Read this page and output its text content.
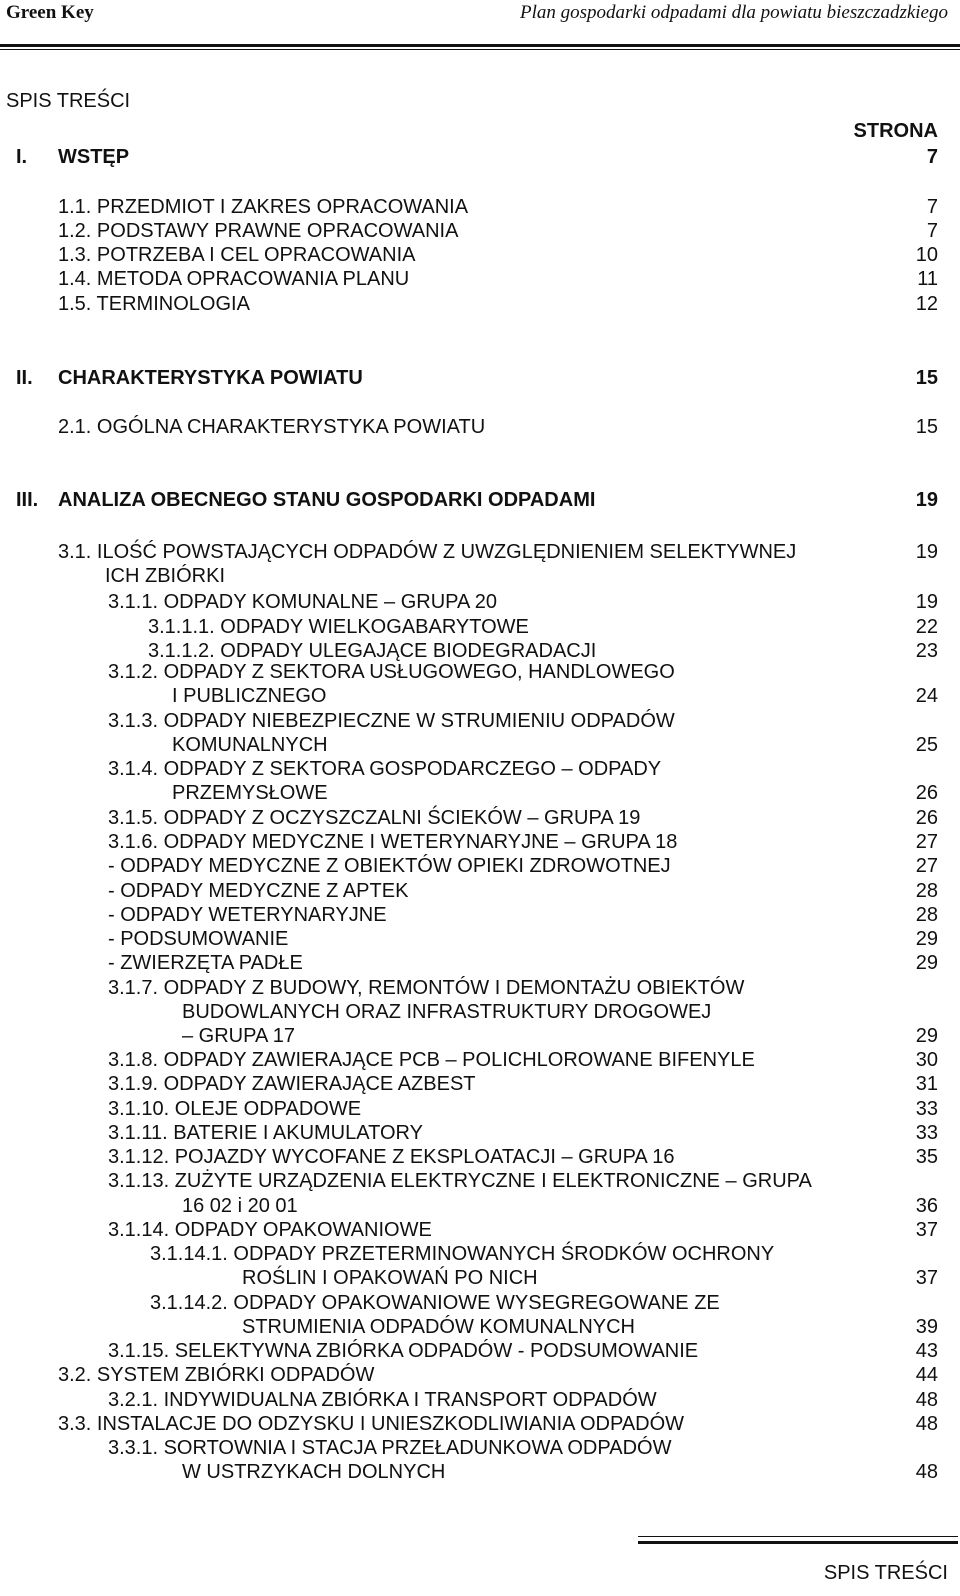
Green Key	Plan gospodarki odpadami dla powiatu bieszczadzkiego
SPIS TREŚCI
STRONA
I. WSTĘP	7
1.1. PRZEDMIOT I ZAKRES OPRACOWANIA	7
1.2. PODSTAWY PRAWNE OPRACOWANIA	7
1.3. POTRZEBA I CEL OPRACOWANIA	10
1.4. METODA OPRACOWANIA PLANU	11
1.5. TERMINOLOGIA	12
II. CHARAKTERYSTYKA POWIATU	15
2.1. OGÓLNA CHARAKTERYSTYKA POWIATU	15
III. ANALIZA OBECNEGO STANU GOSPODARKI ODPADAMI	19
3.1. ILOŚĆ POWSTAJĄCYCH ODPADÓW Z UWZGLĘDNIENIEM SELEKTYWNEJ	19
ICH ZBIÓRKI
3.1.1. ODPADY KOMUNALNE – GRUPA 20	19
3.1.1.1. ODPADY WIELKOGABARYTOWE	22
3.1.1.2. ODPADY ULEGAJĄCE BIODEGRADACJI	23
3.1.2. ODPADY Z SEKTORA USŁUGOWEGO, HANDLOWEGO
I PUBLICZNEGO	24
3.1.3. ODPADY NIEBEZPIECZNE W STRUMIENIU ODPADÓW
KOMUNALNYCH	25
3.1.4. ODPADY Z SEKTORA GOSPODARCZEGO – ODPADY
PRZEMYSŁOWE	26
3.1.5. ODPADY Z OCZYSZCZALNI ŚCIEKÓW – GRUPA 19	26
3.1.6. ODPADY MEDYCZNE I WETERYNARYJNE – GRUPA 18	27
- ODPADY MEDYCZNE Z OBIEKTÓW OPIEKI ZDROWOTNEJ	27
- ODPADY MEDYCZNE Z APTEK	28
- ODPADY WETERYNARYJNE	28
- PODSUMOWANIE	29
- ZWIERZĘTA PADŁE	29
3.1.7. ODPADY Z BUDOWY, REMONTÓW I DEMONTAŻU OBIEKTÓW
BUDOWLANYCH ORAZ INFRASTRUKTURY DROGOWEJ
– GRUPA 17	29
3.1.8. ODPADY ZAWIERAJĄCE PCB – POLICHLOROWANE BIFENYLE	30
3.1.9. ODPADY ZAWIERAJĄCE AZBEST	31
3.1.10. OLEJE ODPADOWE	33
3.1.11. BATERIE I AKUMULATORY	33
3.1.12. POJAZDY WYCOFANE Z EKSPLOATACJI – GRUPA 16	35
3.1.13. ZUŻYTE URZĄDZENIA ELEKTRYCZNE I ELEKTRONICZNE – GRUPA
16 02 i 20 01	36
3.1.14. ODPADY OPAKOWANIOWE	37
3.1.14.1. ODPADY PRZETERMINOWANYCH ŚRODKÓW OCHRONY
ROŚLIN I OPAKOWAŃ PO NICH	37
3.1.14.2. ODPADY OPAKOWANIOWE WYSEGREGOWANE ZE
STRUMIENIA ODPADÓW KOMUNALNYCH	39
3.1.15. SELEKTYWNA ZBIÓRKA ODPADÓW - PODSUMOWANIE	43
3.2. SYSTEM ZBIÓRKI ODPADÓW	44
3.2.1. INDYWIDUALNA ZBIÓRKA I TRANSPORT ODPADÓW	48
3.3. INSTALACJE DO ODZYSKU I UNIESZKODLIWIANIA ODPADÓW	48
3.3.1. SORTOWNIA I STACJA PRZEŁADUNKOWA ODPADÓW
W USTRZYKACH DOLNYCH	48
SPIS TREŚCI
